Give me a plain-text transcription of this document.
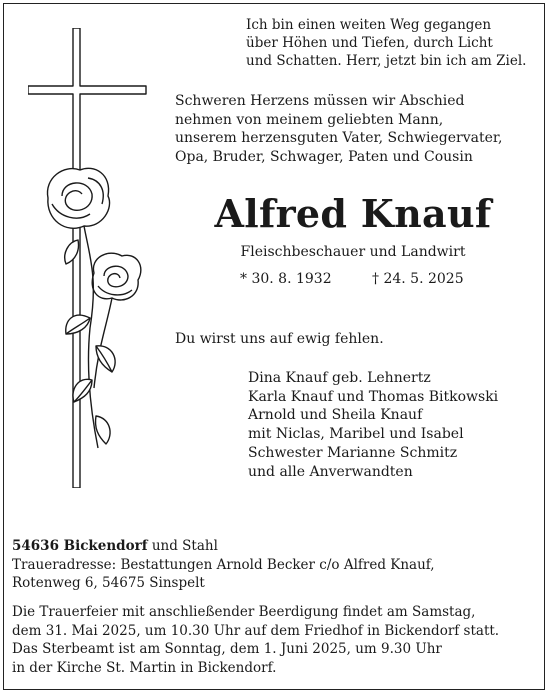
Ich bin einen weiten Weg gegangen
über Höhen und Tiefen, durch Licht
und Schatten. Herr, jetzt bin ich am Ziel.
Schweren Herzens müssen wir Abschied
nehmen von meinem geliebten Mann,
unserem herzensguten Vater, Schwiegervater,
Opa, Bruder, Schwager, Paten und Cousin
Alfred Knauf
Fleischbeschauer und Landwirt
* 30. 8. 1932	† 24. 5. 2025
Du wirst uns auf ewig fehlen.
Dina Knauf geb. Lehnertz
Karla Knauf und Thomas Bitkowski
Arnold und Sheila Knauf
mit Niclas, Maribel und Isabel
Schwester Marianne Schmitz
und alle Anverwandten
54636 Bickendorf und Stahl
Traueradresse: Bestattungen Arnold Becker c/o Alfred Knauf,
Rotenweg 6, 54675 Sinspelt
Die Trauerfeier mit anschließender Beerdigung findet am Samstag,
dem 31. Mai 2025, um 10.30 Uhr auf dem Friedhof in Bickendorf statt.
Das Sterbeamt ist am Sonntag, dem 1. Juni 2025, um 9.30 Uhr
in der Kirche St. Martin in Bickendorf.
